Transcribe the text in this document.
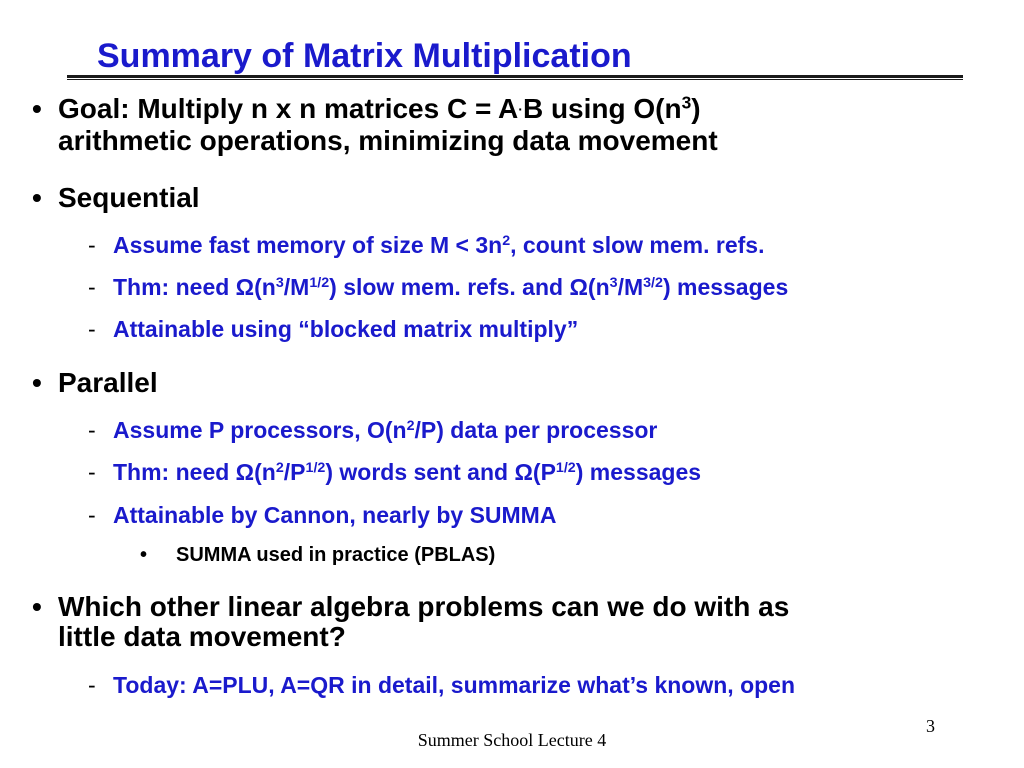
Summary of Matrix Multiplication
• Goal: Multiply n x n matrices C = A·B using $O(n^3)$
arithmetic operations, minimizing data movement
• Sequential
- Assume fast memory of size $M < 3n^2$, count slow mem. refs.
- Thm: need $\Omega(n^3/M^{1/2})$ slow mem. refs. and $\Omega(n^3/M^{3/2})$ messages
- Attainable using “blocked matrix multiply”
• Parallel
- Assume P processors, $O(n^2/P)$ data per processor
- Thm: need $\Omega(n^2/P^{1/2})$ words sent and $\Omega(P^{1/2})$ messages
- Attainable by Cannon, nearly by SUMMA
• SUMMA used in practice (PBLAS)
• Which other linear algebra problems can we do with as
little data movement?
- Today: A=PLU, A=QR in detail, summarize what’s known, open
Summer School Lecture 4
3
